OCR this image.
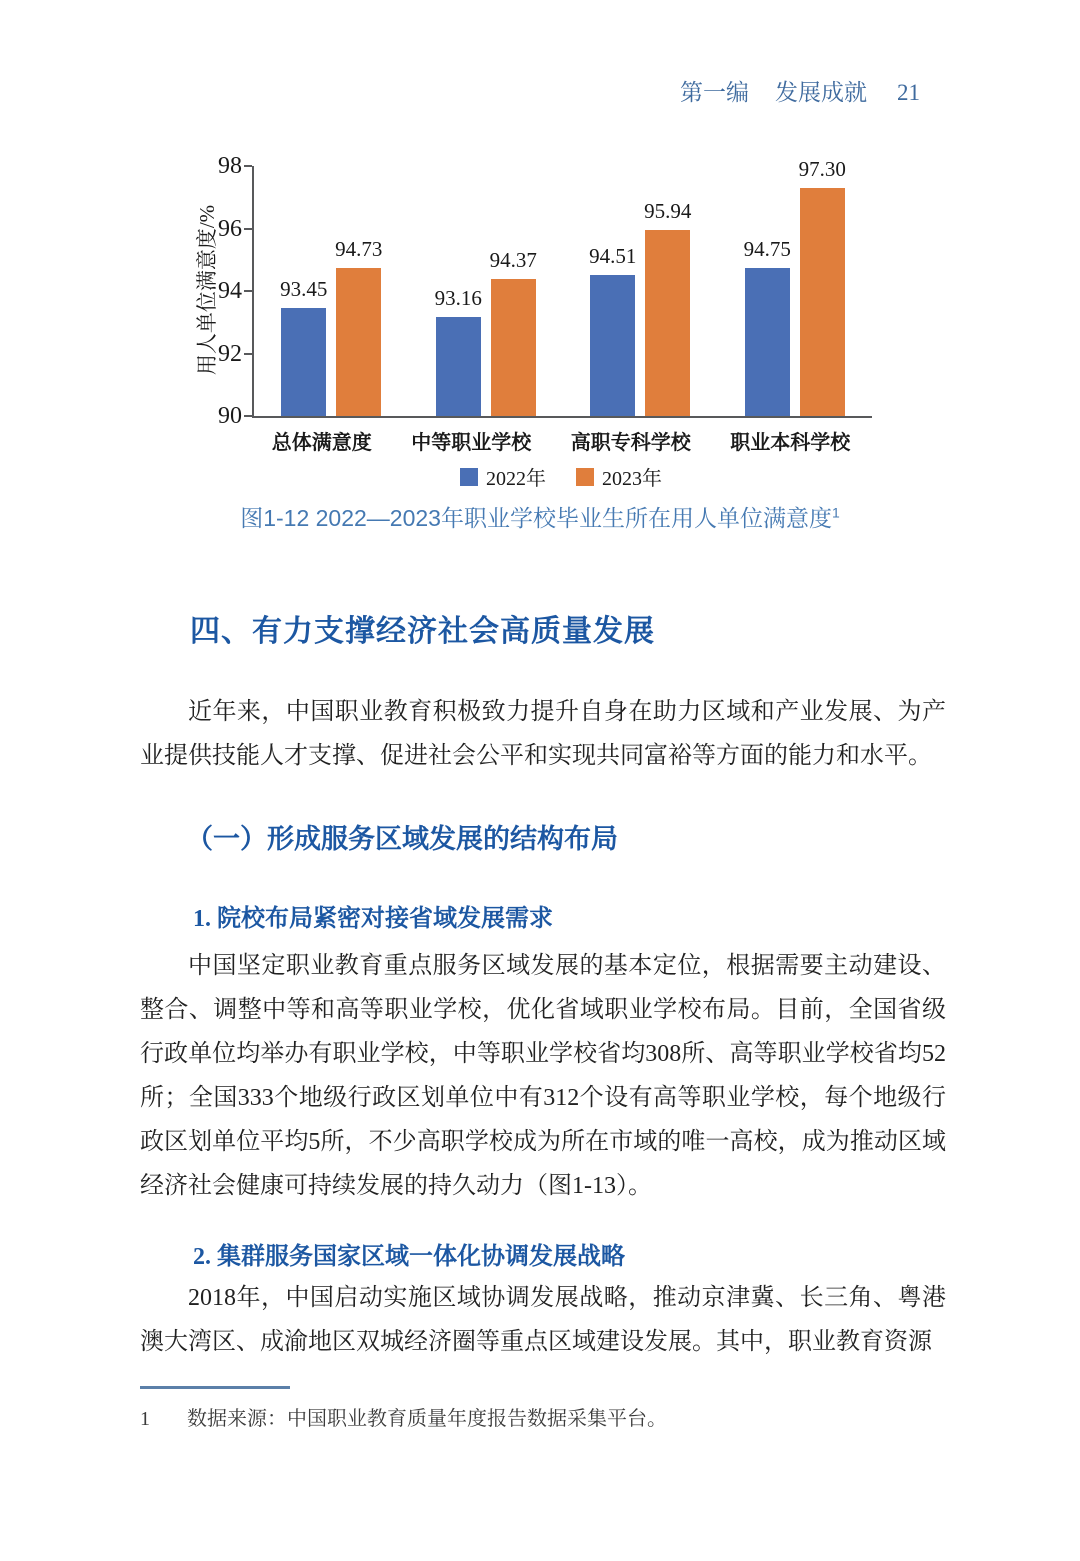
第一编 发展成就 21
用人单位满意度/%	93.45
94.73
93.16
94.37 94.51
95.94
94.75
97.30
总体满意度 中等职业学校 高职专科学校 职业本科学校
2022年	2023年
90
92
94
96
98
图1-12 2022—2023年职业学校毕业生所在用人单位满意度$^1$
四、有力支撑经济社会高质量发展

近年来，中国职业教育积极致力提升自身在助力区域和产业发展、为产业提供技能人才支撑、促进社会公平和实现共同富裕等方面的能力和水平。

（一）形成服务区域发展的结构布局
1. 院校布局紧密对接省域发展需求

中国坚定职业教育重点服务区域发展的基本定位，根据需要主动建设、整合、调整中等和高等职业学校，优化省域职业学校布局。目前，全国省级行政单位均举办有职业学校，中等职业学校省均308所、高等职业学校省均52所；全国333个地级行政区划单位中有312个设有高等职业学校，每个地级行政区划单位平均5所，不少高职学校成为所在市域的唯一高校，成为推动区域经济社会健康可持续发展的持久动力（图1-13）。

2. 集群服务国家区域一体化协调发展战略

2018年，中国启动实施区域协调发展战略，推动京津冀、长三角、粤港澳大湾区、成渝地区双城经济圈等重点区域建设发展。其中，职业教育资源

1	数据来源：中国职业教育质量年度报告数据采集平台。
